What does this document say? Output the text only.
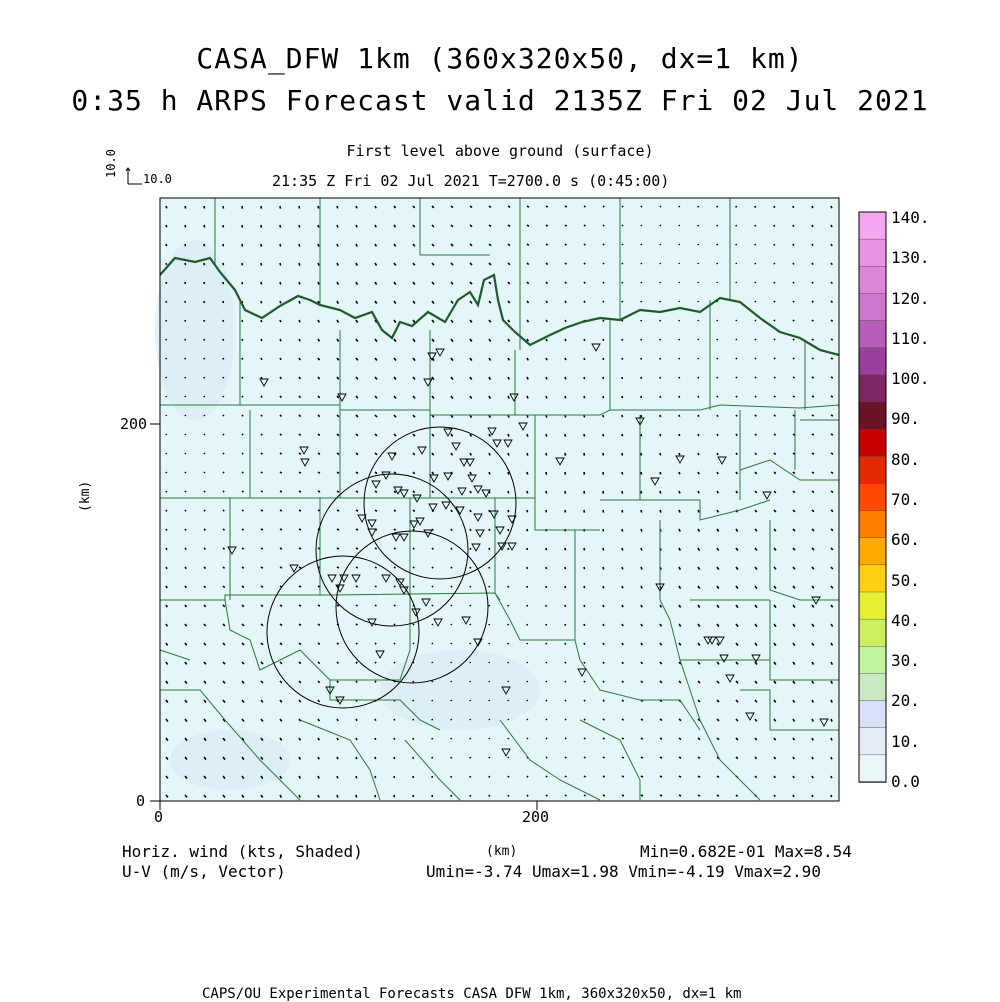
CASA_DFW 1km (360x320x50, dx=1 km)
0:35 h ARPS Forecast valid 2135Z Fri 02 Jul 2021
First level above ground (surface)
21:35 Z Fri 02 Jul 2021 T=2700.0 s (0:45:00)
10.0
10.0
200
0
0	200
(km)
140.
130.
120.
110.
100.
90.
80.
70.
60.
50.
40.
30.
20.
10.
0.0
Horiz. wind (kts, Shaded)
U-V (m/s, Vector)
(km)	Min=0.682E-01 Max=8.54
Umin=-3.74 Umax=1.98 Vmin=-4.19 Vmax=2.90
CAPS/OU Experimental Forecasts CASA DFW 1km, 360x320x50, dx=1 km
